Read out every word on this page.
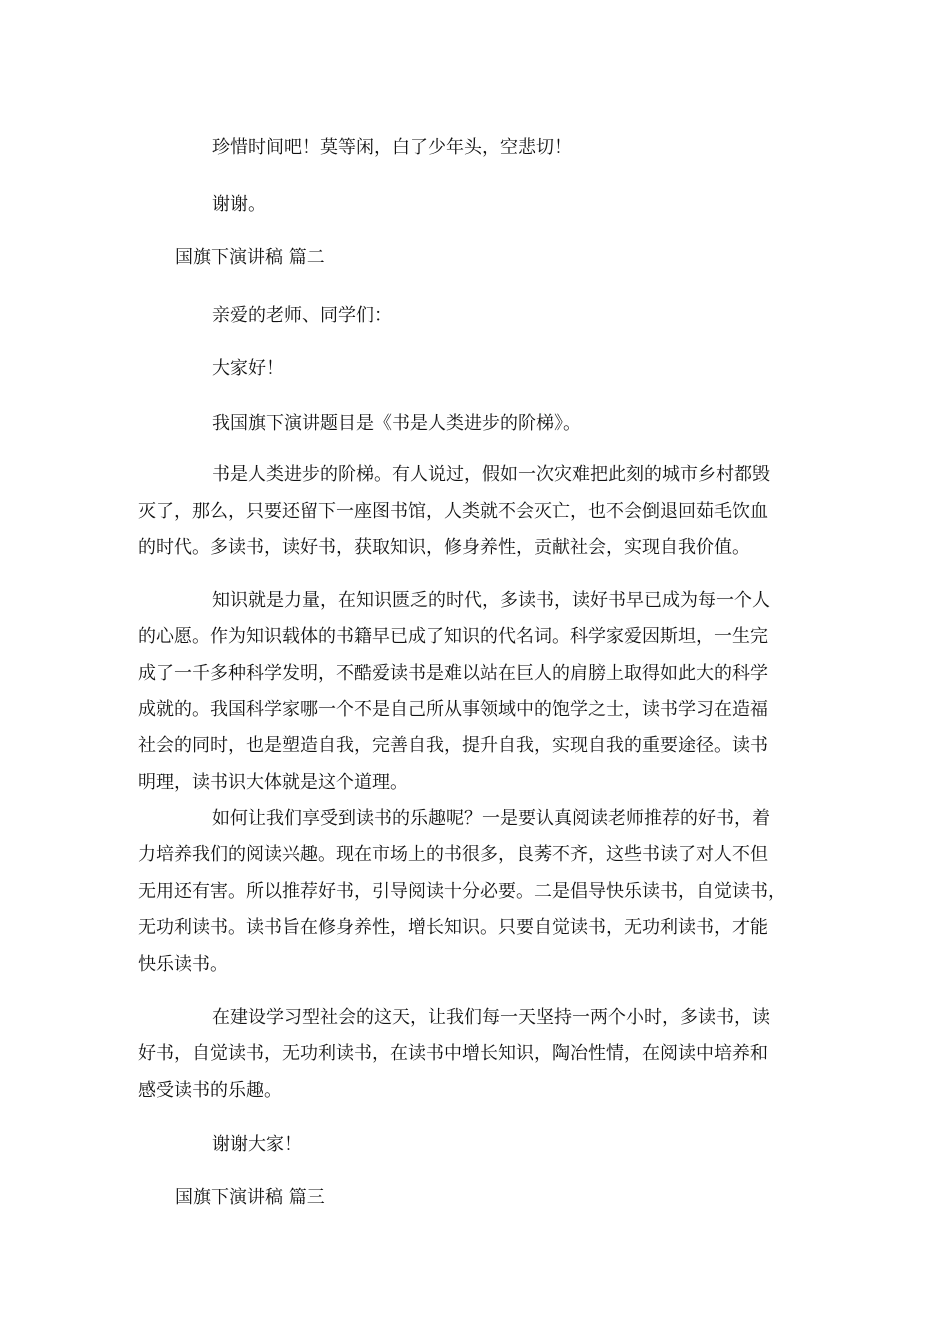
珍惜时间吧！莫等闲，白了少年头，空悲切！

谢谢。

国旗下演讲稿 篇二

亲爱的老师、同学们：

大家好！

我国旗下演讲题目是《书是人类进步的阶梯》。

书是人类进步的阶梯。有人说过，假如一次灾难把此刻的城市乡村都毁

灭了，那么，只要还留下一座图书馆，人类就不会灭亡，也不会倒退回茹毛饮血

的时代。多读书，读好书，获取知识，修身养性，贡献社会，实现自我价值。

知识就是力量，在知识匮乏的时代，多读书，读好书早已成为每一个人

的心愿。作为知识载体的书籍早已成了知识的代名词。科学家爱因斯坦，一生完

成了一千多种科学发明，不酷爱读书是难以站在巨人的肩膀上取得如此大的科学

成就的。我国科学家哪一个不是自己所从事领域中的饱学之士，读书学习在造福

社会的同时，也是塑造自我，完善自我，提升自我，实现自我的重要途径。读书

明理，读书识大体就是这个道理。

如何让我们享受到读书的乐趣呢？一是要认真阅读老师推荐的好书，着

力培养我们的阅读兴趣。现在市场上的书很多，良莠不齐，这些书读了对人不但

无用还有害。所以推荐好书，引导阅读十分必要。二是倡导快乐读书，自觉读书，

无功利读书。读书旨在修身养性，增长知识。只要自觉读书，无功利读书，才能

快乐读书。

在建设学习型社会的这天，让我们每一天坚持一两个小时，多读书，读

好书，自觉读书，无功利读书，在读书中增长知识，陶冶性情，在阅读中培养和

感受读书的乐趣。

谢谢大家！

国旗下演讲稿 篇三
